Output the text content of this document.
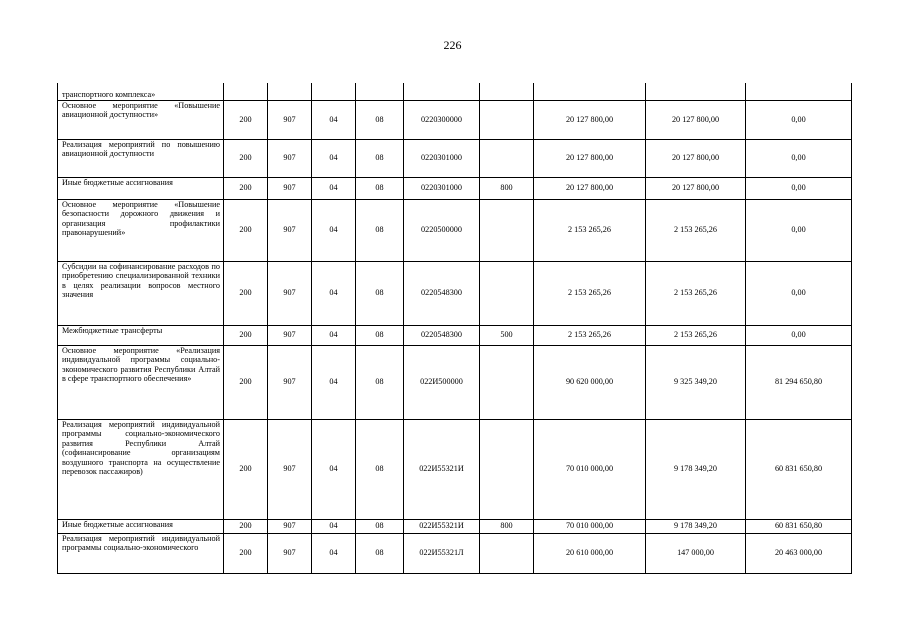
226
транспортного комплекса»									
Основное мероприятие «Повышение авиационной доступности»	200	907	04	08	0220300000		20 127 800,00	20 127 800,00	0,00
Реализация мероприятий по повышению авиационной доступности	200	907	04	08	0220301000		20 127 800,00	20 127 800,00	0,00
Иные бюджетные ассигнования	200	907	04	08	0220301000	800	20 127 800,00	20 127 800,00	0,00
Основное мероприятие «Повышение безопасности дорожного движения и организация профилактики правонарушений»	200	907	04	08	0220500000		2 153 265,26	2 153 265,26	0,00
Субсидии на софинансирование расходов по приобретению специализированной техники в целях реализации вопросов местного значения	200	907	04	08	0220548300		2 153 265,26	2 153 265,26	0,00
Межбюджетные трансферты	200	907	04	08	0220548300	500	2 153 265,26	2 153 265,26	0,00
Основное мероприятие «Реализация индивидуальной программы социально-экономического развития Республики Алтай в сфере транспортного обеспечения»	200	907	04	08	022И500000		90 620 000,00	9 325 349,20	81 294 650,80
Реализация мероприятий индивидуальной программы социально-экономического развития Республики Алтай (софинансирование организациям воздушного транспорта на осуществление перевозок пассажиров)	200	907	04	08	022И55321И		70 010 000,00	9 178 349,20	60 831 650,80
Иные бюджетные ассигнования	200	907	04	08	022И55321И	800	70 010 000,00	9 178 349,20	60 831 650,80
Реализация мероприятий индивидуальной программы социально-экономического	200	907	04	08	022И55321Л		20 610 000,00	147 000,00	20 463 000,00
